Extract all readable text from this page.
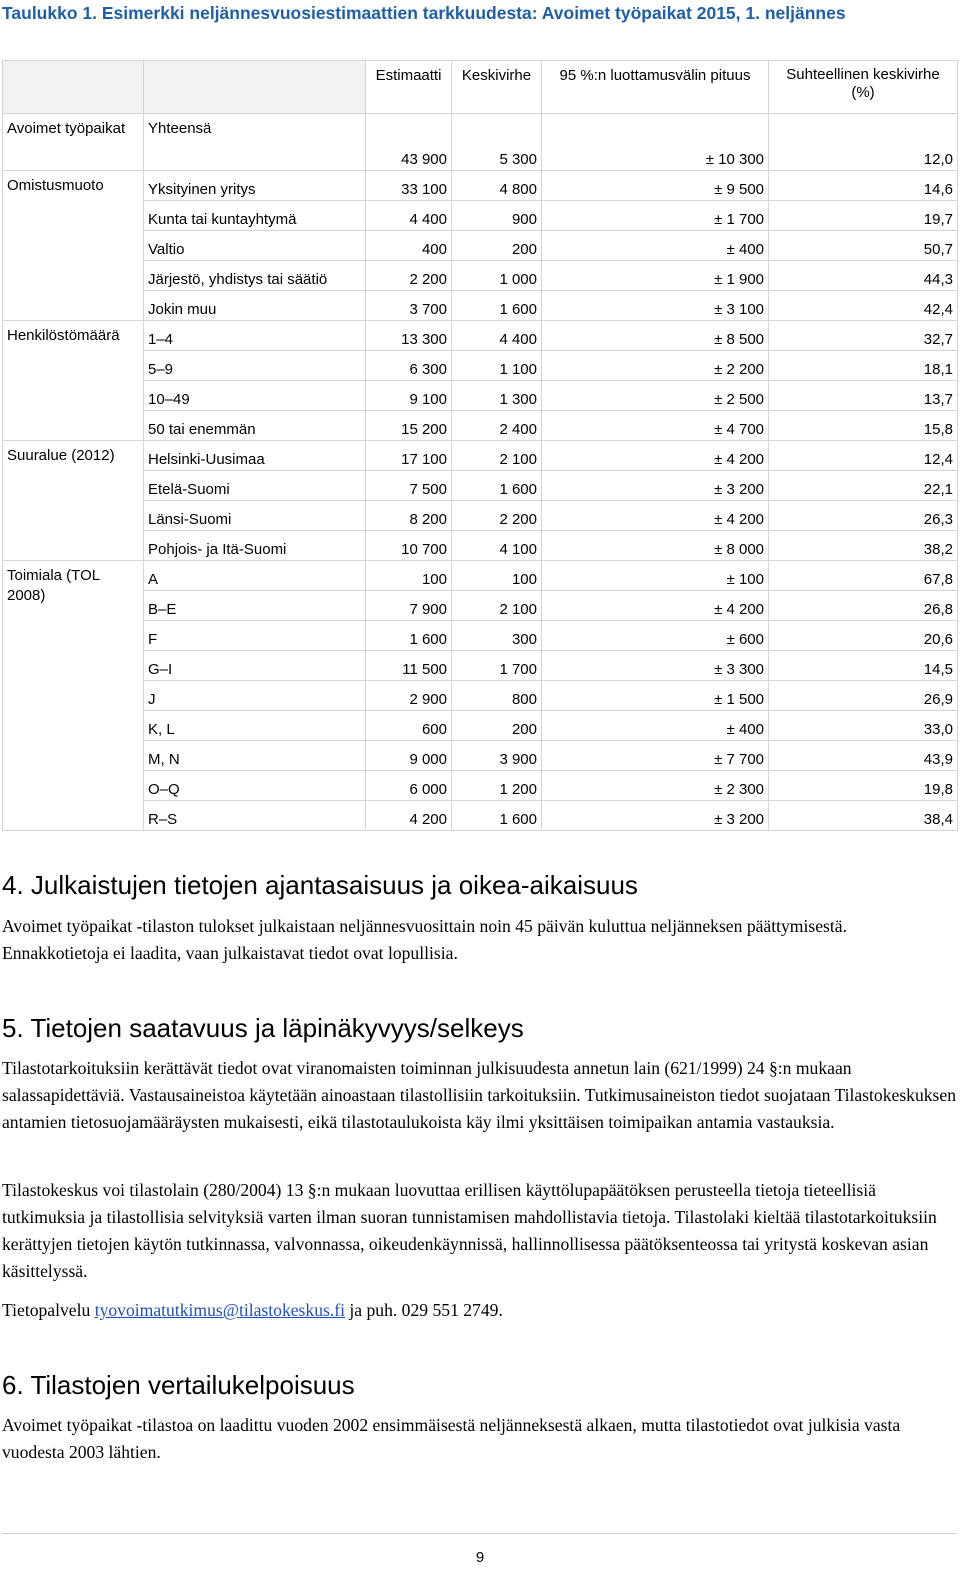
Taulukko 1. Esimerkki neljännesvuosiestimaattien tarkkuudesta: Avoimet työpaikat 2015, 1. neljännes
		Estimaatti	Keskivirhe	95 %:n luottamusvälin pituus	Suhteellinen keskivirhe (%)
Avoimet työpaikat	Yhteensä	43 900	5 300	± 10 300	12,0
Omistusmuoto	Yksityinen yritys	33 100	4 800	± 9 500	14,6
	Kunta tai kuntayhtymä	4 400	900	± 1 700	19,7
	Valtio	400	200	± 400	50,7
	Järjestö, yhdistys tai säätiö	2 200	1 000	± 1 900	44,3
	Jokin muu	3 700	1 600	± 3 100	42,4
Henkilöstömäärä	1–4	13 300	4 400	± 8 500	32,7
	5–9	6 300	1 100	± 2 200	18,1
	10–49	9 100	1 300	± 2 500	13,7
	50 tai enemmän	15 200	2 400	± 4 700	15,8
Suuralue (2012)	Helsinki-Uusimaa	17 100	2 100	± 4 200	12,4
	Etelä-Suomi	7 500	1 600	± 3 200	22,1
	Länsi-Suomi	8 200	2 200	± 4 200	26,3
	Pohjois- ja Itä-Suomi	10 700	4 100	± 8 000	38,2
Toimiala (TOL 2008)	A	100	100	± 100	67,8
	B–E	7 900	2 100	± 4 200	26,8
	F	1 600	300	± 600	20,6
	G–I	11 500	1 700	± 3 300	14,5
	J	2 900	800	± 1 500	26,9
	K, L	600	200	± 400	33,0
	M, N	9 000	3 900	± 7 700	43,9
	O–Q	6 000	1 200	± 2 300	19,8
	R–S	4 200	1 600	± 3 200	38,4
4. Julkaistujen tietojen ajantasaisuus ja oikea-aikaisuus

Avoimet työpaikat -tilaston tulokset julkaistaan neljännesvuosittain noin 45 päivän kuluttua neljänneksen päättymisestä. Ennakkotietoja ei laadita, vaan julkaistavat tiedot ovat lopullisia.

5. Tietojen saatavuus ja läpinäkyvyys/selkeys

Tilastotarkoituksiin kerättävät tiedot ovat viranomaisten toiminnan julkisuudesta annetun lain (621/1999) 24 §:n mukaan salassapidettäviä. Vastausaineistoa käytetään ainoastaan tilastollisiin tarkoituksiin. Tutkimusaineiston tiedot suojataan Tilastokeskuksen antamien tietosuojamääräysten mukaisesti, eikä tilastotaulukoista käy ilmi yksittäisen toimipaikan antamia vastauksia.

Tilastokeskus voi tilastolain (280/2004) 13 §:n mukaan luovuttaa erillisen käyttölupapäätöksen perusteella tietoja tieteellisiä tutkimuksia ja tilastollisia selvityksiä varten ilman suoran tunnistamisen mahdollistavia tietoja. Tilastolaki kieltää tilastotarkoituksiin kerättyjen tietojen käytön tutkinnassa, valvonnassa, oikeudenkäynnissä, hallinnollisessa päätöksenteossa tai yritystä koskevan asian käsittelyssä.

Tietopalvelu tyovoimatutkimus@tilastokeskus.fi ja puh. 029 551 2749.

6. Tilastojen vertailukelpoisuus

Avoimet työpaikat -tilastoa on laadittu vuoden 2002 ensimmäisestä neljänneksestä alkaen, mutta tilastotiedot ovat julkisia vasta vuodesta 2003 lähtien.

9
